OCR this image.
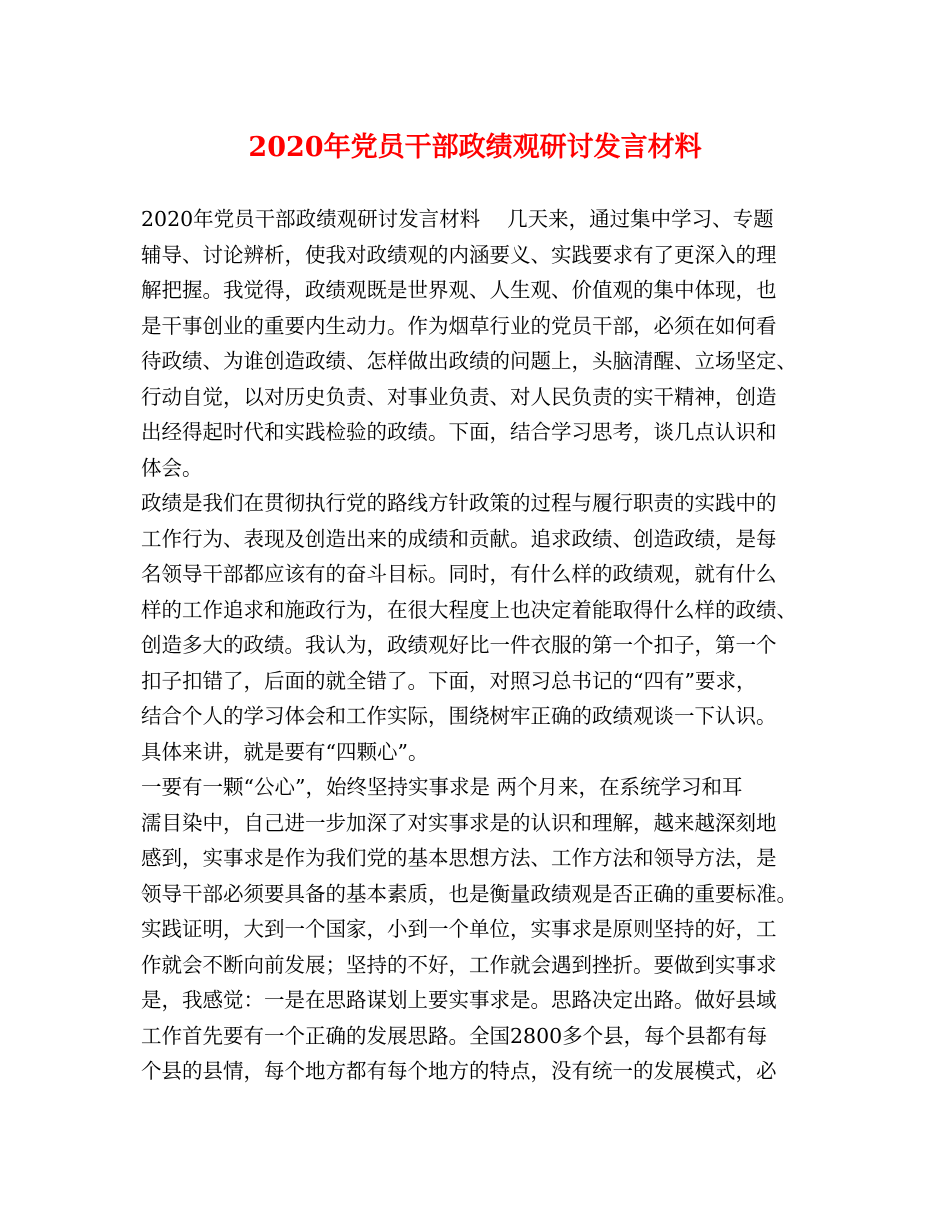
2020年党员干部政绩观研讨发言材料
2020年党员干部政绩观研讨发言材料　 几天来，通过集中学习、专题
辅导、讨论辨析，使我对政绩观的内涵要义、实践要求有了更深入的理
解把握。我觉得，政绩观既是世界观、人生观、价值观的集中体现，也
是干事创业的重要内生动力。作为烟草行业的党员干部，必须在如何看
待政绩、为谁创造政绩、怎样做出政绩的问题上，头脑清醒、立场坚定、
行动自觉，以对历史负责、对事业负责、对人民负责的实干精神，创造
出经得起时代和实践检验的政绩。下面，结合学习思考，谈几点认识和
体会。
政绩是我们在贯彻执行党的路线方针政策的过程与履行职责的实践中的
工作行为、表现及创造出来的成绩和贡献。追求政绩、创造政绩，是每
名领导干部都应该有的奋斗目标。同时，有什么样的政绩观，就有什么
样的工作追求和施政行为，在很大程度上也决定着能取得什么样的政绩、
创造多大的政绩。我认为，政绩观好比一件衣服的第一个扣子，第一个
扣子扣错了，后面的就全错了。下面，对照习总书记的“四有”要求，
结合个人的学习体会和工作实际，围绕树牢正确的政绩观谈一下认识。
具体来讲，就是要有“四颗心”。
一要有一颗“公心”，始终坚持实事求是 两个月来，在系统学习和耳
濡目染中，自己进一步加深了对实事求是的认识和理解，越来越深刻地
感到，实事求是作为我们党的基本思想方法、工作方法和领导方法，是
领导干部必须要具备的基本素质，也是衡量政绩观是否正确的重要标准。
实践证明，大到一个国家，小到一个单位，实事求是原则坚持的好，工
作就会不断向前发展；坚持的不好，工作就会遇到挫折。要做到实事求
是，我感觉：一是在思路谋划上要实事求是。思路决定出路。做好县域
工作首先要有一个正确的发展思路。全国2800多个县，每个县都有每
个县的县情，每个地方都有每个地方的特点，没有统一的发展模式，必
